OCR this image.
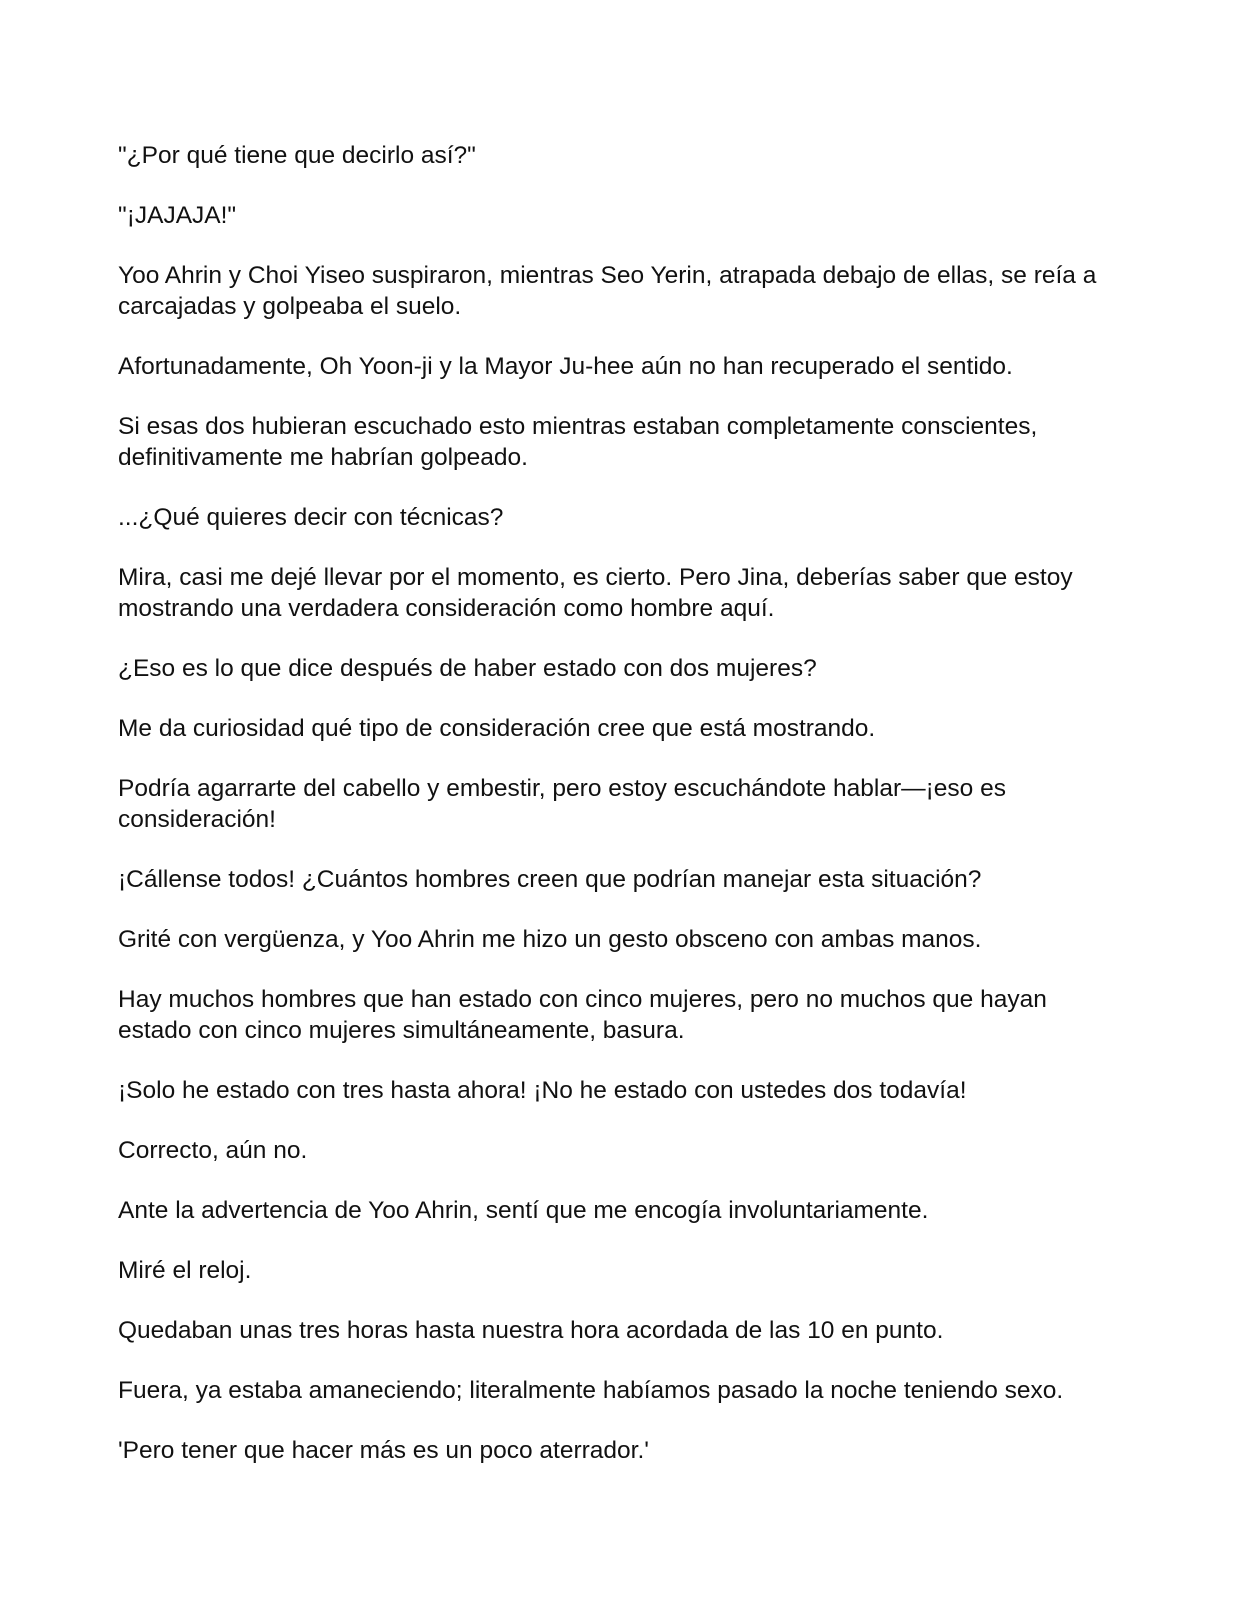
"¿Por qué tiene que decirlo así?"

"¡JAJAJA!"

Yoo Ahrin y Choi Yiseo suspiraron, mientras Seo Yerin, atrapada debajo de ellas, se reía a carcajadas y golpeaba el suelo.

Afortunadamente, Oh Yoon-ji y la Mayor Ju-hee aún no han recuperado el sentido.

Si esas dos hubieran escuchado esto mientras estaban completamente conscientes, definitivamente me habrían golpeado.

...¿Qué quieres decir con técnicas?

Mira, casi me dejé llevar por el momento, es cierto. Pero Jina, deberías saber que estoy mostrando una verdadera consideración como hombre aquí.

¿Eso es lo que dice después de haber estado con dos mujeres?

Me da curiosidad qué tipo de consideración cree que está mostrando.

Podría agarrarte del cabello y embestir, pero estoy escuchándote hablar—¡eso es consideración!

¡Cállense todos! ¿Cuántos hombres creen que podrían manejar esta situación?

Grité con vergüenza, y Yoo Ahrin me hizo un gesto obsceno con ambas manos.

Hay muchos hombres que han estado con cinco mujeres, pero no muchos que hayan estado con cinco mujeres simultáneamente, basura.

¡Solo he estado con tres hasta ahora! ¡No he estado con ustedes dos todavía!

Correcto, aún no.

Ante la advertencia de Yoo Ahrin, sentí que me encogía involuntariamente.

Miré el reloj.

Quedaban unas tres horas hasta nuestra hora acordada de las 10 en punto.

Fuera, ya estaba amaneciendo; literalmente habíamos pasado la noche teniendo sexo.

'Pero tener que hacer más es un poco aterrador.'
